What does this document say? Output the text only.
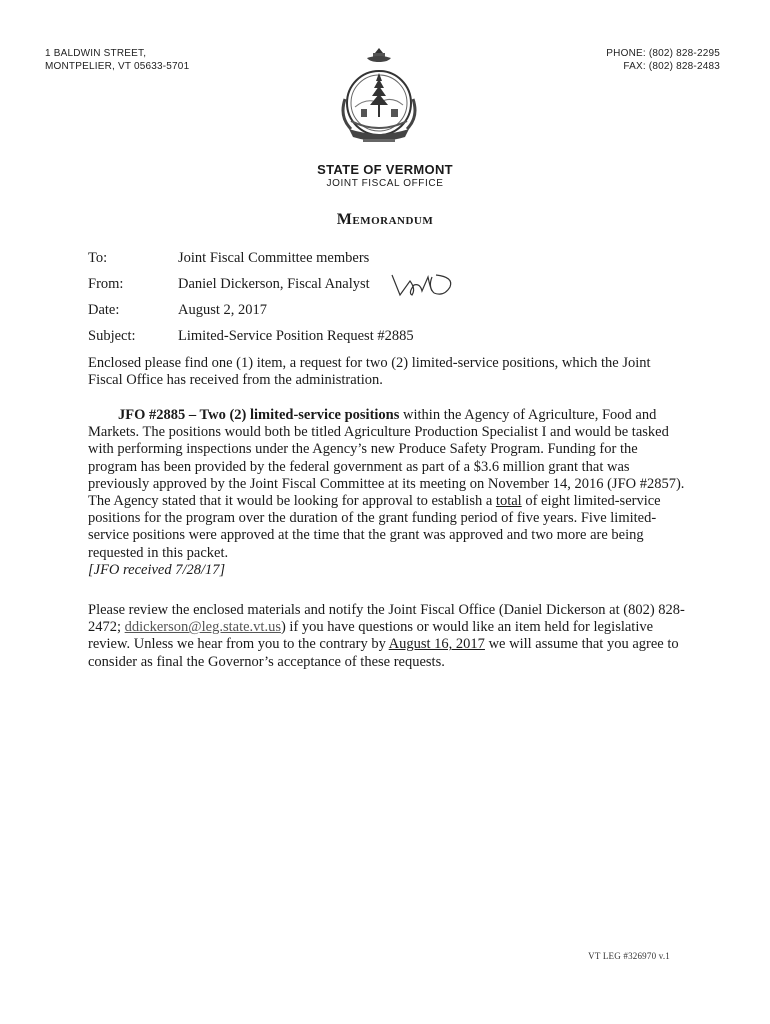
1 BALDWIN STREET,
MONTPELIER, VT 05633-5701
PHONE: (802) 828-2295
FAX: (802) 828-2483
STATE OF VERMONT
JOINT FISCAL OFFICE
Memorandum
To:	Joint Fiscal Committee members
From:	Daniel Dickerson, Fiscal Analyst
Date:	August 2, 2017
Subject:	Limited-Service Position Request #2885
Enclosed please find one (1) item, a request for two (2) limited-service positions, which the Joint Fiscal Office has received from the administration.
JFO #2885 – Two (2) limited-service positions within the Agency of Agriculture, Food and Markets. The positions would both be titled Agriculture Production Specialist I and would be tasked with performing inspections under the Agency’s new Produce Safety Program. Funding for the program has been provided by the federal government as part of a $3.6 million grant that was previously approved by the Joint Fiscal Committee at its meeting on November 14, 2016 (JFO #2857). The Agency stated that it would be looking for approval to establish a total of eight limited-service positions for the program over the duration of the grant funding period of five years. Five limited-service positions were approved at the time that the grant was approved and two more are being requested in this packet.
[JFO received 7/28/17]
Please review the enclosed materials and notify the Joint Fiscal Office (Daniel Dickerson at (802) 828-2472; ddickerson@leg.state.vt.us) if you have questions or would like an item held for legislative review. Unless we hear from you to the contrary by August 16, 2017 we will assume that you agree to consider as final the Governor’s acceptance of these requests.
VT LEG #326970 v.1
